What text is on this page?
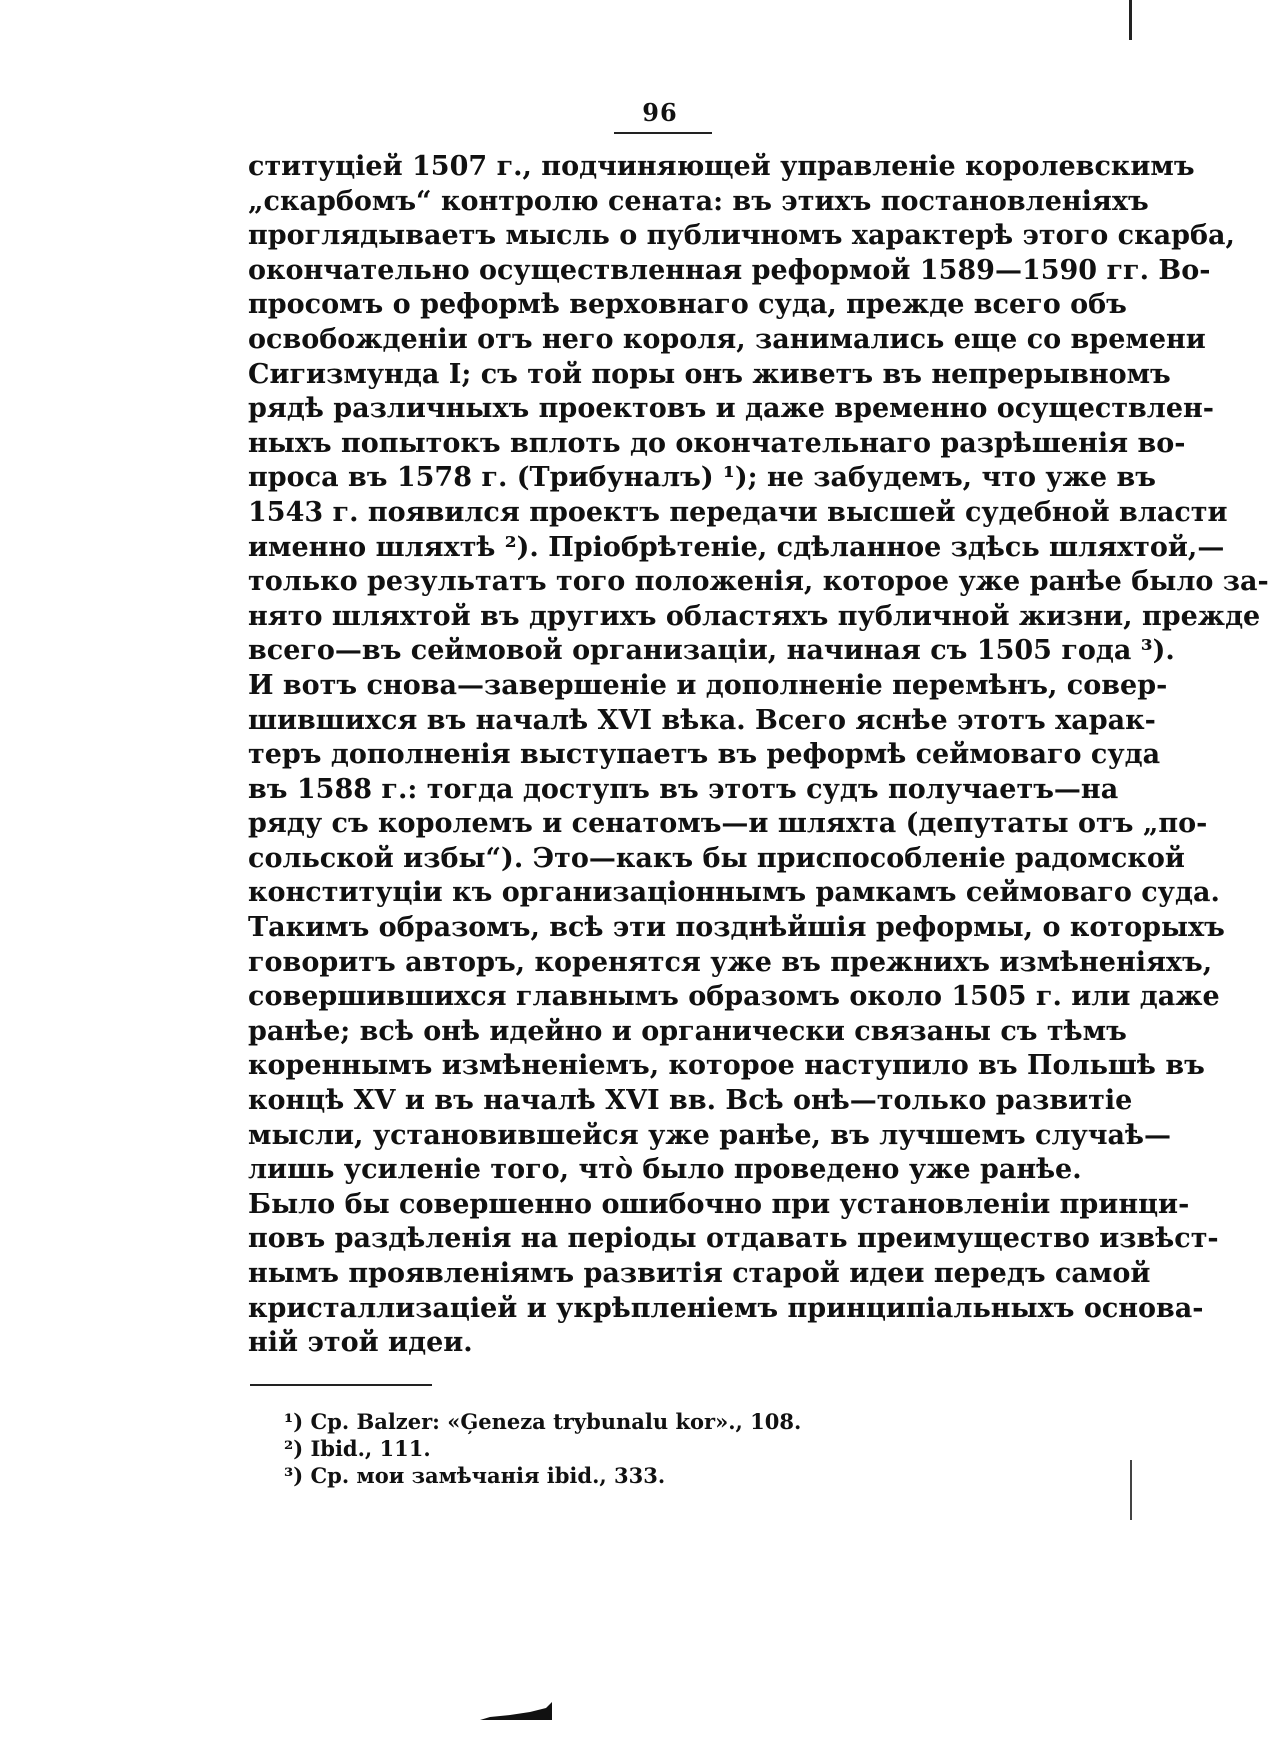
96
ституціей 1507 г., подчиняющей управленіе королевскимъ
„скарбомъ“ контролю сената: въ этихъ постановленіяхъ
проглядываетъ мысль о публичномъ характерѣ этого скарба,
окончательно осуществленная реформой 1589—1590 гг. Во-
просомъ о реформѣ верховнаго суда, прежде всего объ
освобожденіи отъ него короля, занимались еще со времени
Сигизмунда I; съ той поры онъ живетъ въ непрерывномъ
рядѣ различныхъ проектовъ и даже временно осуществлен-
ныхъ попытокъ вплоть до окончательнаго разрѣшенія во-
проса въ 1578 г. (Трибуналъ) ¹); не забудемъ, что уже въ
1543 г. появился проектъ передачи высшей судебной власти
именно шляхтѣ ²). Пріобрѣтеніе, сдѣланное здѣсь шляхтой,—
только результатъ того положенія, которое уже ранѣе было за-
нято шляхтой въ другихъ областяхъ публичной жизни, прежде
всего—въ сеймовой организаціи, начиная съ 1505 года ³).
И вотъ снова—завершеніе и дополненіе перемѣнъ, совер-
шившихся въ началѣ XVI вѣка. Всего яснѣе этотъ харак-
теръ дополненія выступаетъ въ реформѣ сеймоваго суда
въ 1588 г.: тогда доступъ въ этотъ судъ получаетъ—на
ряду съ королемъ и сенатомъ—и шляхта (депутаты отъ „по-
сольской избы“). Это—какъ бы приспособленіе радомской
конституціи къ организаціоннымъ рамкамъ сеймоваго суда.
Такимъ образомъ, всѣ эти позднѣйшія реформы, о которыхъ
говоритъ авторъ, коренятся уже въ прежнихъ измѣненіяхъ,
совершившихся главнымъ образомъ около 1505 г. или даже
ранѣе; всѣ онѣ идейно и органически связаны съ тѣмъ
кореннымъ измѣненіемъ, которое наступило въ Польшѣ въ
концѣ XV и въ началѣ XVI вв. Всѣ онѣ—только развитіе
мысли, установившейся уже ранѣе, въ лучшемъ случаѣ—
лишь усиленіе того, что̀ было проведено уже ранѣе.
Было бы совершенно ошибочно при установленіи принци-
повъ раздѣленія на періоды отдавать преимущество извѣст-
нымъ проявленіямъ развитія старой идеи передъ самой
кристаллизаціей и укрѣпленіемъ принципіальныхъ основа-
ній этой идеи.
¹) Ср. Balzer: «Ģeneza trybunalu kor»., 108.
²) Ibid., 111.
³) Ср. мои замѣчанія ibid., 333.
